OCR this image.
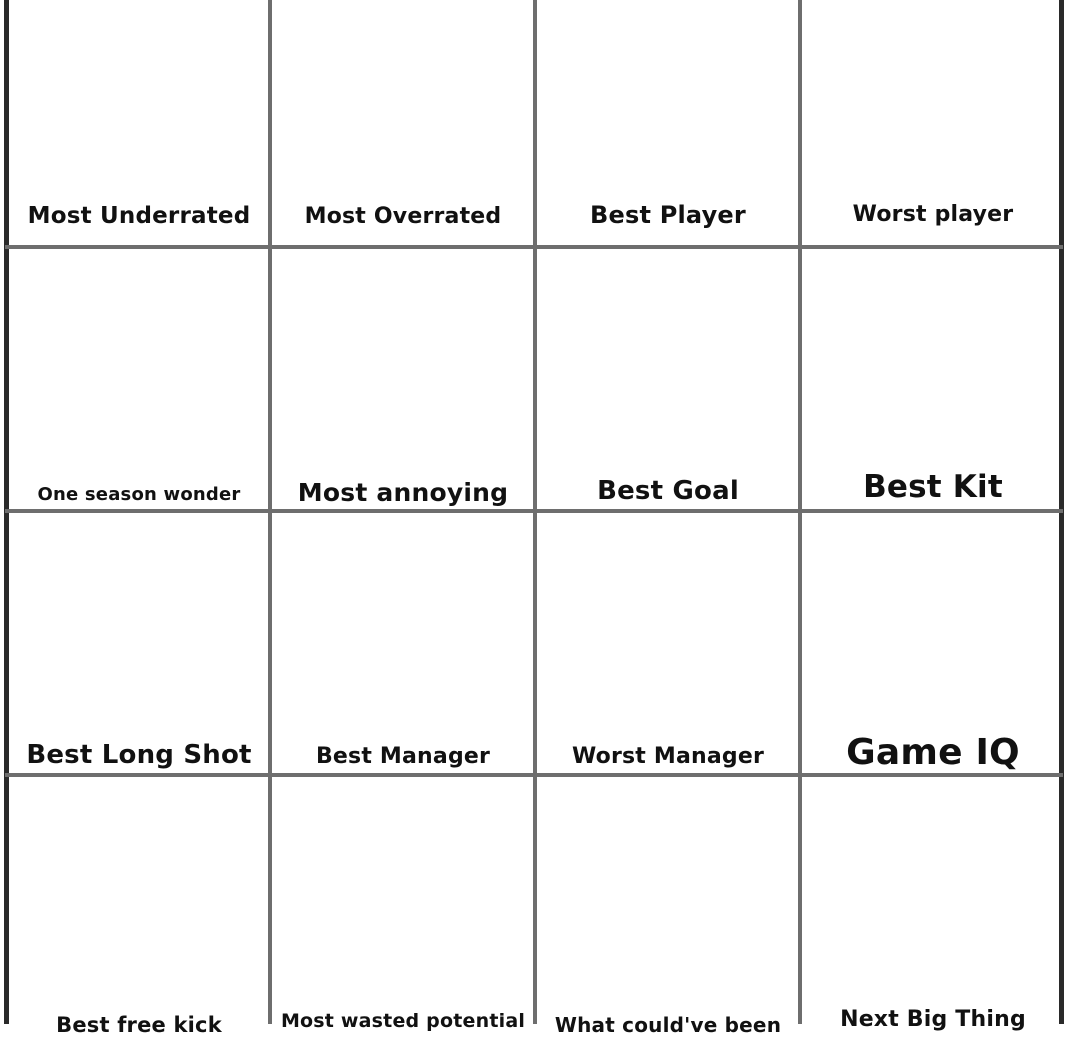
Most Underrated	Most Overrated	Best Player	Worst player
One season wonder	Most annoying	Best Goal	Best Kit
Best Long Shot	Best Manager	Worst Manager	Game IQ
Best free kick	Most wasted potential	What could've been	Next Big Thing
